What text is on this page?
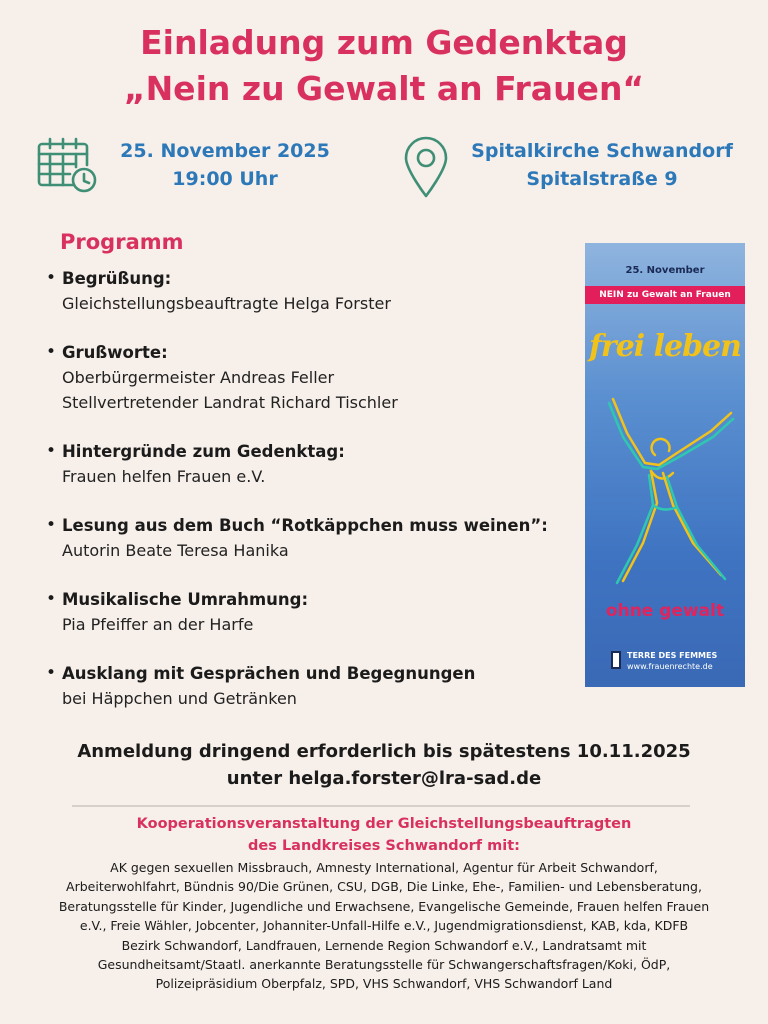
Einladung zum Gedenktag
„Nein zu Gewalt an Frauen“
25. November 2025
19:00 Uhr
Spitalkirche Schwandorf
Spitalstraße 9
Programm
• Begrüßung:
Gleichstellungsbeauftragte Helga Forster
• Grußworte:
Oberbürgermeister Andreas Feller
Stellvertretender Landrat Richard Tischler
• Hintergründe zum Gedenktag:
Frauen helfen Frauen e.V.
• Lesung aus dem Buch “Rotkäppchen muss weinen”:
Autorin Beate Teresa Hanika
• Musikalische Umrahmung:
Pia Pfeiffer an der Harfe
• Ausklang mit Gesprächen und Begegnungen
bei Häppchen und Getränken
25. November
NEIN zu Gewalt an Frauen
frei leben
ohne gewalt
TERRE DES FEMMES
www.frauenrechte.de
Anmeldung dringend erforderlich bis spätestens 10.11.2025
unter helga.forster@lra-sad.de
Kooperationsveranstaltung der Gleichstellungsbeauftragten
des Landkreises Schwandorf mit:
AK gegen sexuellen Missbrauch, Amnesty International, Agentur für Arbeit Schwandorf,
Arbeiterwohlfahrt, Bündnis 90/Die Grünen, CSU, DGB, Die Linke, Ehe-, Familien- und Lebensberatung,
Beratungsstelle für Kinder, Jugendliche und Erwachsene, Evangelische Gemeinde, Frauen helfen Frauen
e.V., Freie Wähler, Jobcenter, Johanniter-Unfall-Hilfe e.V., Jugendmigrationsdienst, KAB, kda, KDFB
Bezirk Schwandorf, Landfrauen, Lernende Region Schwandorf e.V., Landratsamt mit
Gesundheitsamt/Staatl. anerkannte Beratungsstelle für Schwangerschaftsfragen/Koki, ÖdP,
Polizeipräsidium Oberpfalz, SPD, VHS Schwandorf, VHS Schwandorf Land
